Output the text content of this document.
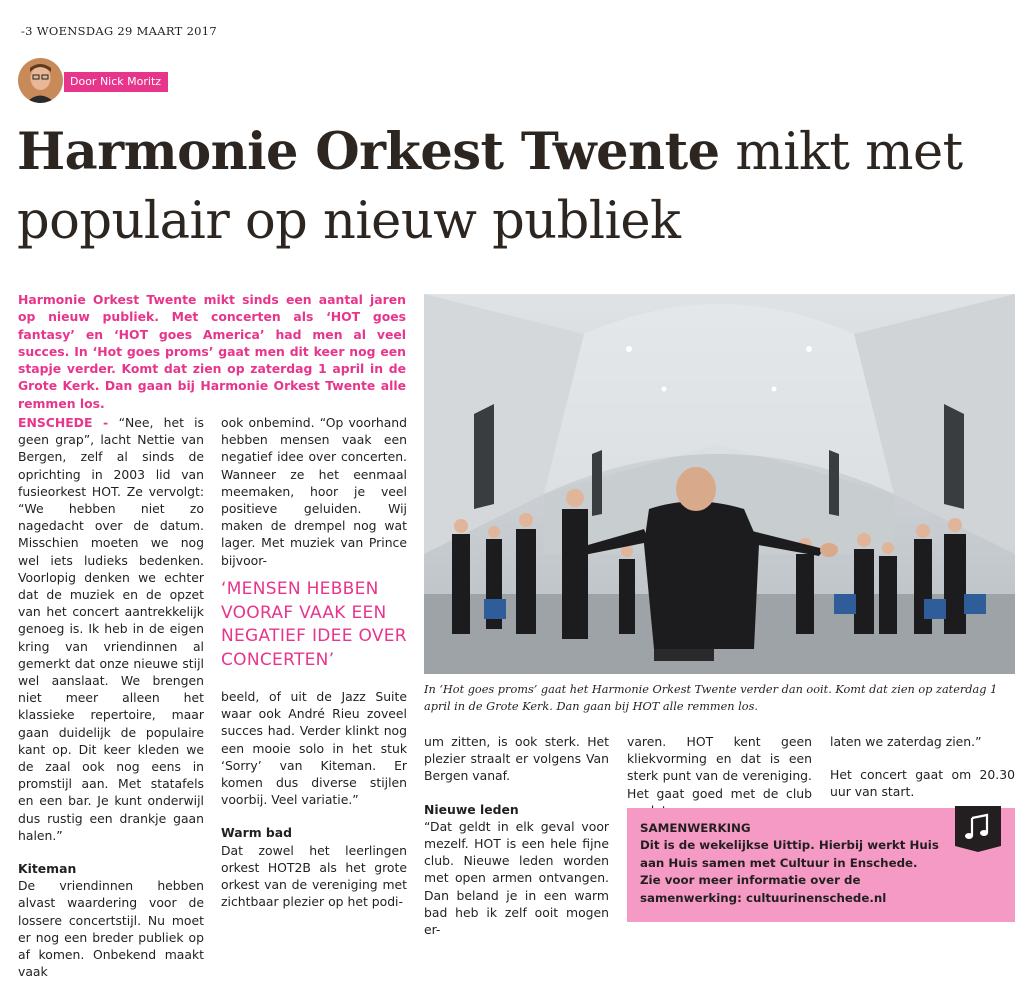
-3 WOENSDAG 29 MAART 2017
Door Nick Moritz
Harmonie Orkest Twente mikt met populair op nieuw publiek
Harmonie Orkest Twente mikt sinds een aantal jaren op nieuw publiek. Met concerten als ‘HOT goes fantasy’ en ‘HOT goes America’ had men al veel succes. In ‘Hot goes proms’ gaat men dit keer nog een stapje verder. Komt dat zien op zaterdag 1 april in de Grote Kerk. Dan gaan bij Harmonie Orkest Twente alle remmen los.

ENSCHEDE - “Nee, het is geen grap”, lacht Nettie van Bergen, zelf al sinds de oprichting in 2003 lid van fusieorkest HOT. Ze vervolgt: “We hebben niet zo nagedacht over de datum. Misschien moeten we nog wel iets ludieks bedenken. Voorlopig denken we echter dat de muziek en de opzet van het concert aantrekkelijk genoeg is. Ik heb in de eigen kring van vriendinnen al gemerkt dat onze nieuwe stijl wel aanslaat. We brengen niet meer alleen het klassieke repertoire, maar gaan duidelijk de populaire kant op. Dit keer kleden we de zaal ook nog eens in promstijl aan. Met statafels en een bar. Je kunt onderwijl dus rustig een drankje gaan halen.”

Kiteman

De vriendinnen hebben alvast waardering voor de lossere concertstijl. Nu moet er nog een breder publiek op af komen. Onbekend maakt vaak

ook onbemind. “Op voorhand hebben mensen vaak een negatief idee over concerten. Wanneer ze het eenmaal meemaken, hoor je veel positieve geluiden. Wij maken de drempel nog wat lager. Met muziek van Prince bijvoor-

‘MENSEN HEBBEN VOORAF VAAK EEN NEGATIEF IDEE OVER CONCERTEN’

beeld, of uit de Jazz Suite waar ook André Rieu zoveel succes had. Verder klinkt nog een mooie solo in het stuk ‘Sorry’ van Kiteman. Er komen dus diverse stijlen voorbij. Veel variatie.”

Warm bad

Dat zowel het leerlingen orkest HOT2B als het grote orkest van de vereniging met zichtbaar plezier op het podi-

In ‘Hot goes proms’ gaat het Harmonie Orkest Twente verder dan ooit. Komt dat zien op zaterdag 1 april in de Grote Kerk. Dan gaan bij HOT alle remmen los.

um zitten, is ook sterk. Het plezier straalt er volgens Van Bergen vanaf.

Nieuwe leden

“Dat geldt in elk geval voor mezelf. HOT is een hele fijne club. Nieuwe leden worden met open armen ontvangen. Dan beland je in een warm bad heb ik zelf ooit mogen er-

varen. HOT kent geen kliekvorming en dat is een sterk punt van de vereniging. Het gaat goed met de club

laten we zaterdag zien.”

Het concert gaat om 20.30 uur van start.

SAMENWERKING
Dit is de wekelijkse Uittip. Hierbij werkt Huis aan Huis samen met Cultuur in Enschede.
Zie voor meer informatie over de samenwerking: cultuurinenschede.nl
